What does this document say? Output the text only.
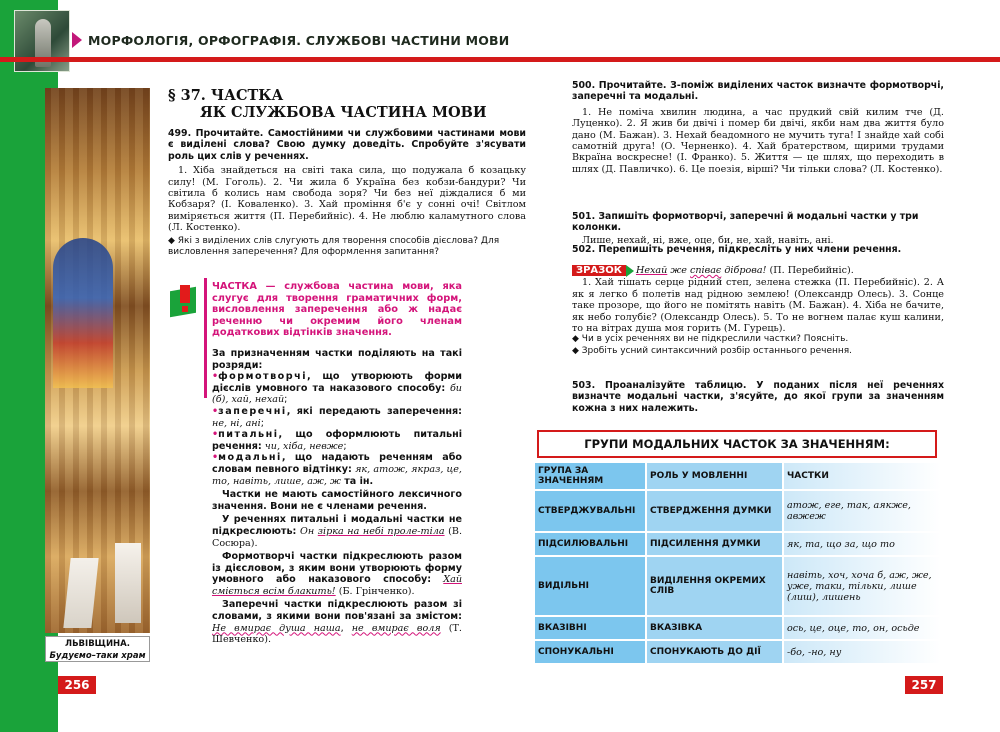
МОРФОЛОГІЯ, ОРФОГРАФІЯ. СЛУЖБОВІ ЧАСТИНИ МОВИ
ЛЬВІВЩИНА.
Будуємо–таки храм
256	257
§ 37. ЧАСТКА
ЯК СЛУЖБОВА ЧАСТИНА МОВИ

499. Прочитайте. Самостійними чи службовими частинами мови є виділені слова? Свою думку доведіть. Спробуйте з'ясувати роль цих слів у реченнях.

1. Хіба знайдеться на світі така сила, що подужала б козацьку силу! (М. Гоголь). 2. Чи жила б Україна без кобзи-бандури? Чи світила б колись нам свобода зоря? Чи без неї діждалися б ми Кобзаря? (І. Коваленко). 3. Хай проміння б'є у сонні очі! Світлом виміряється життя (П. Перебийніс). 4. Не люблю каламутного слова (Л. Костенко).

◆ Які з виділених слів слугують для творення способів дієслова? Для висловлення заперечення? Для оформлення запитання?

ЧАСТКА — службова частина мови, яка слугує для творення граматичних форм, висловлення заперечення або ж надає реченню чи окремим його членам додаткових відтінків значення.

За призначенням частки поділяють на такі розряди:

•формотворчі, що утворюють форми дієслів умовного та наказового способу: би (б), хай, нехай;

•заперечні, які передають заперечення: не, ні, ані;

•питальні, що оформлюють питальні речення: чи, хіба, невже;

•модальні, що надають реченням або словам певного відтінку: як, атож, якраз, це, то, навіть, лише, аж, ж та ін.

Частки не мають самостійного лексичного значення. Вони не є членами речення.

У реченнях питальні і модальні частки не підкреслюють: Он зірка на небі проле-тіла (В. Сосюра).

Формотворчі частки підкреслюють разом із дієсловом, з яким вони утворюють форму умовного або наказового способу: Хай сміється всім блакить! (Б. Грінченко).

Заперечні частки підкреслюють разом зі словами, з якими вони пов'язані за змістом: Не вмирає душа наша, не вмирає воля (Т. Шевченко).

500. Прочитайте. З-поміж виділених часток визначте формотворчі, заперечні та модальні.

1. Не поміча хвилин людина, а час прудкий свій килим тче (Д. Луценко). 2. Я жив би двічі і помер би двічі, якби нам два життя було дано (М. Бажан). 3. Нехай беадомного не мучить туга! І знайде хай собі самотній друга! (О. Черненко). 4. Хай братерством, щирими трудами Вкраїна воскресне! (І. Франко). 5. Життя — це шлях, що переходить в шлях (Д. Павличко). 6. Це поезія, вірші? Чи тільки слова? (Л. Костенко).

501. Запишіть формотворчі, заперечні й модальні частки у три колонки.

Лише, нехай, ні, вже, оце, би, не, хай, навіть, ані.

502. Перепишіть речення, підкресліть у них члени речення.

ЗРАЗОК Нехай же співає діброва! (П. Перебийніс).

1. Хай тішать серце рідний степ, зелена стежка (П. Перебийніс). 2. А як я легко б полетів над рідною землею! (Олександр Олесь). 3. Сонце таке прозоре, що його не помітять навіть (М. Бажан). 4. Хіба не бачите, як небо голубіє? (Олександр Олесь). 5. То не вогнем палає куш калини, то на вітрах душа моя горить (М. Гурець).

◆ Чи в усіх реченнях ви не підкреслили частки? Поясніть.

◆ Зробіть усний синтаксичний розбір останнього речення.

503. Проаналізуйте таблицю. У поданих після неї реченнях визначте модальні частки, з'ясуйте, до якої групи за значенням кожна з них належить.

ГРУПИ МОДАЛЬНИХ ЧАСТОК ЗА ЗНАЧЕННЯМ:
ГРУПА ЗА ЗНАЧЕННЯМ	РОЛЬ У МОВЛЕННІ	ЧАСТКИ
СТВЕРДЖУВАЛЬНІ	СТВЕРДЖЕННЯ ДУМКИ	атож, еге, так, аякже, авжеж
ПІДСИЛЮВАЛЬНІ	ПІДСИЛЕННЯ ДУМКИ	як, та, що за, що то
ВИДІЛЬНІ	ВИДІЛЕННЯ ОКРЕМИХ СЛІВ	навіть, хоч, хоча б, аж, же, уже, таки, тільки, лише (лиш), лишень
ВКАЗІВНІ	ВКАЗІВКА	ось, це, оце, то, он, осьде
СПОНУКАЛЬНІ	СПОНУКАЮТЬ ДО ДІЇ	-бо, -но, ну
